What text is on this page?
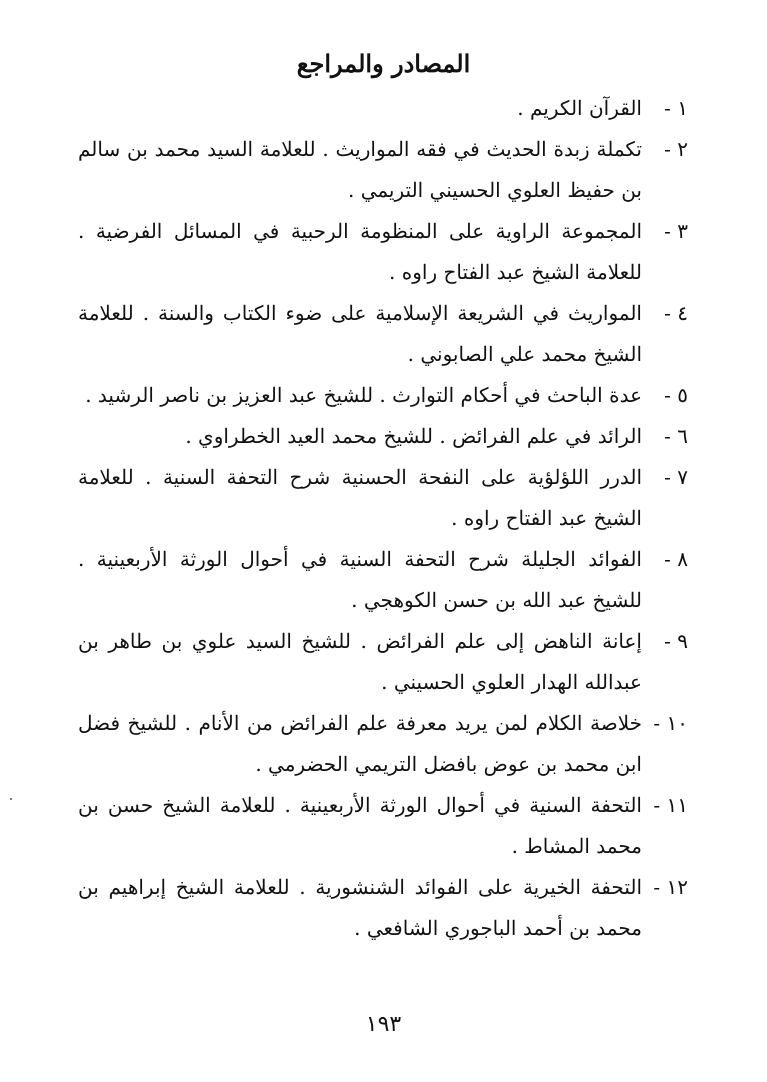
المصادر والمراجع
١ -
القرآن الكريم .
٢ -
تكملة زبدة الحديث في فقه المواريث . للعلامة السيد محمد بن سالم بن حفيظ العلوي الحسيني التريمي .
٣ -
المجموعة الراوية على المنظومة الرحبية في المسائل الفرضية . للعلامة الشيخ عبد الفتاح راوه .
٤ -
المواريث في الشريعة الإسلامية على ضوء الكتاب والسنة . للعلامة الشيخ محمد علي الصابوني .
٥ -
عدة الباحث في أحكام التوارث . للشيخ عبد العزيز بن ناصر الرشيد .
٦ -
الرائد في علم الفرائض . للشيخ محمد العيد الخطراوي .
٧ -
الدرر اللؤلؤية على النفحة الحسنية شرح التحفة السنية . للعلامة الشيخ عبد الفتاح راوه .
٨ -
الفوائد الجليلة شرح التحفة السنية في أحوال الورثة الأربعينية . للشيخ عبد الله بن حسن الكوهجي .
٩ -
إعانة الناهض إلى علم الفرائض . للشيخ السيد علوي بن طاهر بن عبدالله الهدار العلوي الحسيني .
١٠ -
خلاصة الكلام لمن يريد معرفة علم الفرائض من الأنام . للشيخ فضل ابن محمد بن عوض بافضل التريمي الحضرمي .
١١ -
التحفة السنية في أحوال الورثة الأربعينية . للعلامة الشيخ حسن بن محمد المشاط .
١٢ -
التحفة الخيرية على الفوائد الشنشورية . للعلامة الشيخ إبراهيم بن محمد بن أحمد الباجوري الشافعي .
١٩٣
